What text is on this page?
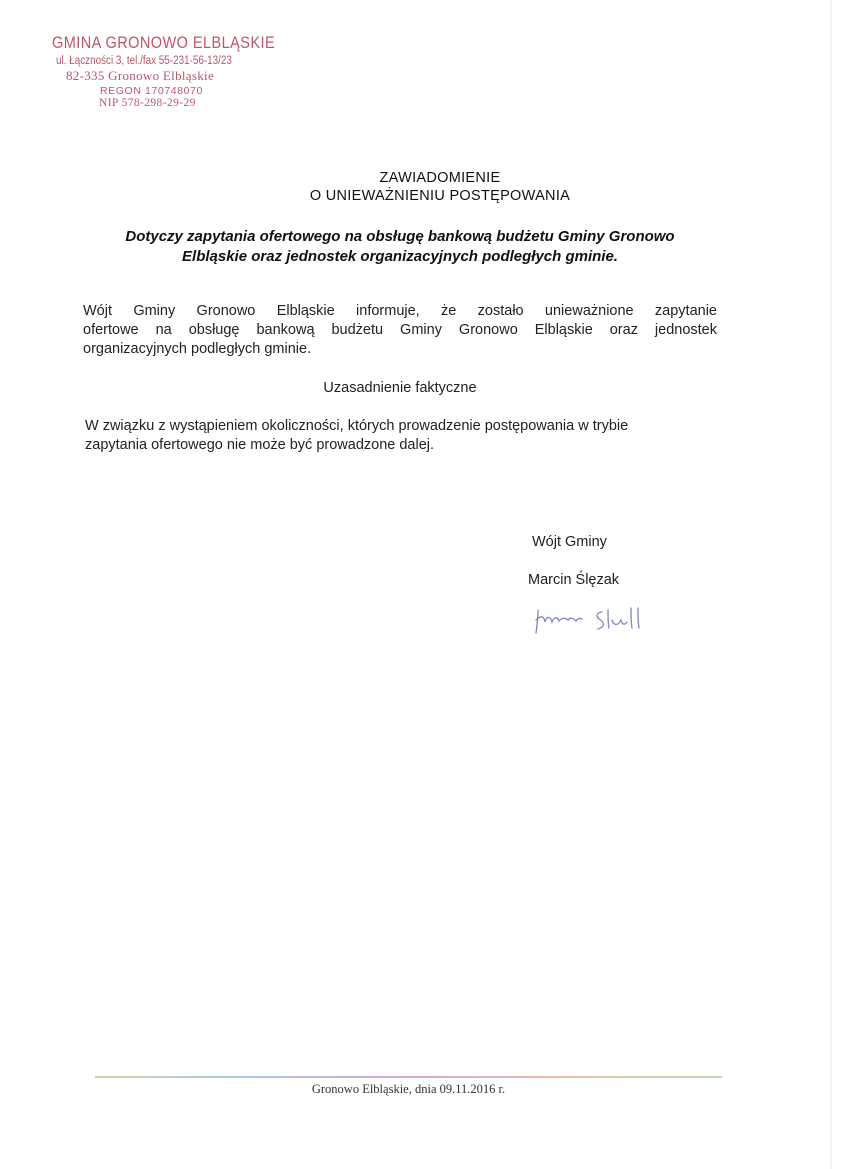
GMINA GRONOWO ELBLĄSKIE
ul. Łączności 3, tel./fax 55-231-56-13/23
82-335 Gronowo Elbląskie
REGON 170748070
NIP 578-298-29-29
ZAWIADOMIENIE
O UNIEWAŻNIENIU POSTĘPOWANIA
Dotyczy zapytania ofertowego na obsługę bankową budżetu Gminy Gronowo
Elbląskie oraz jednostek organizacyjnych podległych gminie.
Wójt Gminy Gronowo Elbląskie informuje, że zostało unieważnione zapytanie
ofertowe na obsługę bankową budżetu Gminy Gronowo Elbląskie oraz jednostek
organizacyjnych podległych gminie.
Uzasadnienie faktyczne
W związku z wystąpieniem okoliczności, których prowadzenie postępowania w trybie
zapytania ofertowego nie może być prowadzone dalej.
Wójt Gminy
Marcin Ślęzak
Gronowo Elbląskie, dnia 09.11.2016 r.
